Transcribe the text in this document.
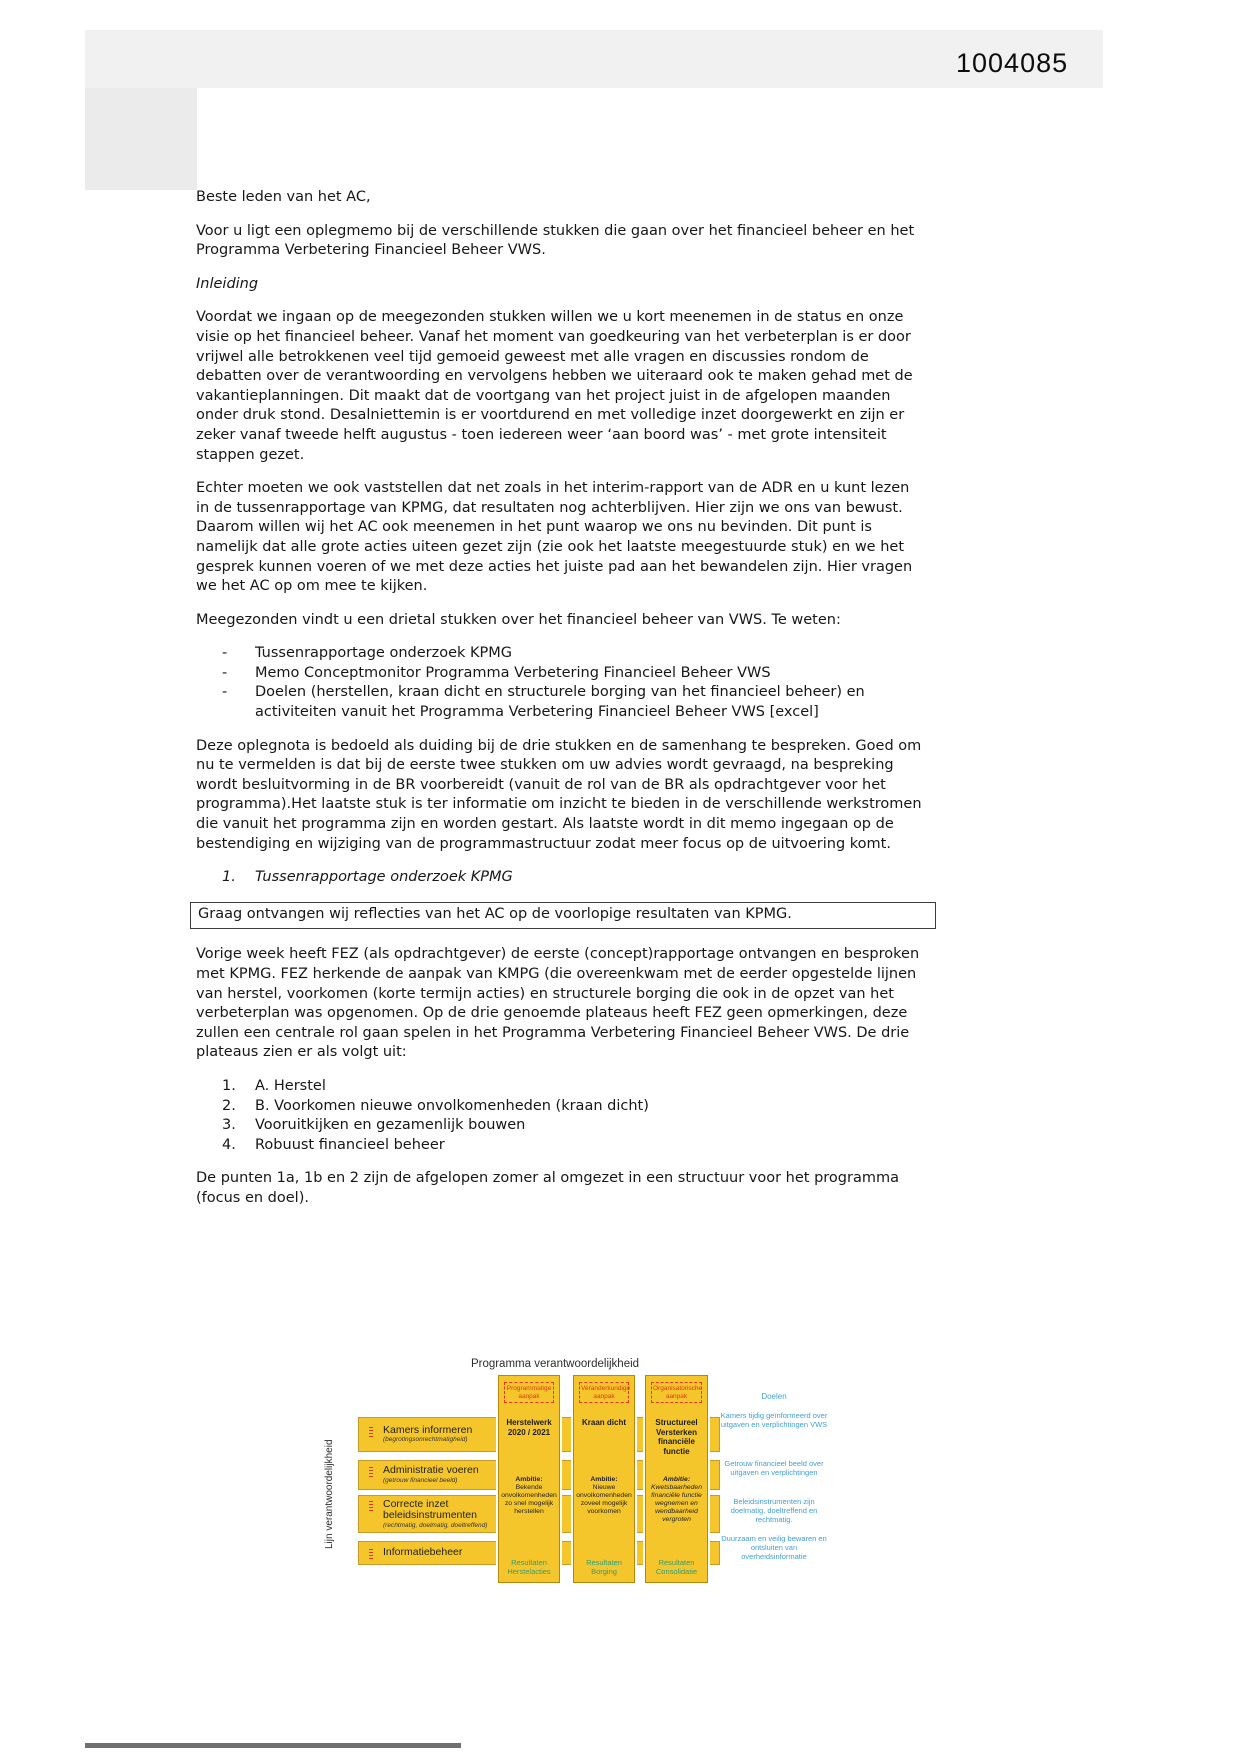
1004085

Beste leden van het AC,

Voor u ligt een oplegmemo bij de verschillende stukken die gaan over het financieel beheer en het Programma Verbetering Financieel Beheer VWS.

Inleiding

Voordat we ingaan op de meegezonden stukken willen we u kort meenemen in de status en onze visie op het financieel beheer. Vanaf het moment van goedkeuring van het verbeterplan is er door vrijwel alle betrokkenen veel tijd gemoeid geweest met alle vragen en discussies rondom de debatten over de verantwoording en vervolgens hebben we uiteraard ook te maken gehad met de vakantieplanningen. Dit maakt dat de voortgang van het project juist in de afgelopen maanden onder druk stond. Desalniettemin is er voortdurend en met volledige inzet doorgewerkt en zijn er zeker vanaf tweede helft augustus - toen iedereen weer ‘aan boord was’ - met grote intensiteit stappen gezet.

Echter moeten we ook vaststellen dat net zoals in het interim-rapport van de ADR en u kunt lezen in de tussenrapportage van KPMG, dat resultaten nog achterblijven. Hier zijn we ons van bewust. Daarom willen wij het AC ook meenemen in het punt waarop we ons nu bevinden. Dit punt is namelijk dat alle grote acties uiteen gezet zijn (zie ook het laatste meegestuurde stuk) en we het gesprek kunnen voeren of we met deze acties het juiste pad aan het bewandelen zijn. Hier vragen we het AC op om mee te kijken.

Meegezonden vindt u een drietal stukken over het financieel beheer van VWS. Te weten:

- Tussenrapportage onderzoek KPMG
- Memo Conceptmonitor Programma Verbetering Financieel Beheer VWS
- Doelen (herstellen, kraan dicht en structurele borging van het financieel beheer) en activiteiten vanuit het Programma Verbetering Financieel Beheer VWS [excel]

Deze oplegnota is bedoeld als duiding bij de drie stukken en de samenhang te bespreken. Goed om nu te vermelden is dat bij de eerste twee stukken om uw advies wordt gevraagd, na bespreking wordt besluitvorming in de BR voorbereidt (vanuit de rol van de BR als opdrachtgever voor het programma).Het laatste stuk is ter informatie om inzicht te bieden in de verschillende werkstromen die vanuit het programma zijn en worden gestart. Als laatste wordt in dit memo ingegaan op de bestendiging en wijziging van de programmastructuur zodat meer focus op de uitvoering komt.

1. Tussenrapportage onderzoek KPMG

Graag ontvangen wij reflecties van het AC op de voorlopige resultaten van KPMG.

Vorige week heeft FEZ (als opdrachtgever) de eerste (concept)rapportage ontvangen en besproken met KPMG. FEZ herkende de aanpak van KMPG (die overeenkwam met de eerder opgestelde lijnen van herstel, voorkomen (korte termijn acties) en structurele borging die ook in de opzet van het verbeterplan was opgenomen. Op de drie genoemde plateaus heeft FEZ geen opmerkingen, deze zullen een centrale rol gaan spelen in het Programma Verbetering Financieel Beheer VWS. De drie plateaus zien er als volgt uit:

A. Herstel
B. Voorkomen nieuwe onvolkomenheden (kraan dicht)
Vooruitkijken en gezamenlijk bouwen
Robuust financieel beheer

De punten 1a, 1b en 2 zijn de afgelopen zomer al omgezet in een structuur voor het programma (focus en doel).

Programma verantwoordelijkheid
Lijn verantwoordelijkheid
Kamers informeren
(begrotingsonrechtmatigheid)
Administratie voeren
(getrouw financieel beeld)
Correcte inzet beleidsinstrumenten
(rechtmatig, doelmatig, doeltreffend)
Informatiebeheer
Programmatige aanpak
Herstelwerk 2020 / 2021
Ambitie:
Bekende onvolkomenheden zo snel mogelijk herstellen
Resultaten Herstelacties
Veranderkundige aanpak
Kraan dicht
Ambitie:
Nieuwe onvolkomenheden zoveel mogelijk voorkomen
Resultaten Borging
Organisatorische aanpak
Structureel Versterken financiële functie
Ambitie:
Kwetsbaarheden financiële functie wegnemen en wendbaarheid vergroten
Resultaten Consolidatie
Doelen
Kamers tijdig geïnformeerd over uitgaven en verplichtingen VWS
Getrouw financieel beeld over uitgaven en verplichtingen
Beleidsinstrumenten zijn doelmatig, doeltreffend en rechtmatig.
Duurzaam en veilig bewaren en ontsluiten van overheidsinformatie
